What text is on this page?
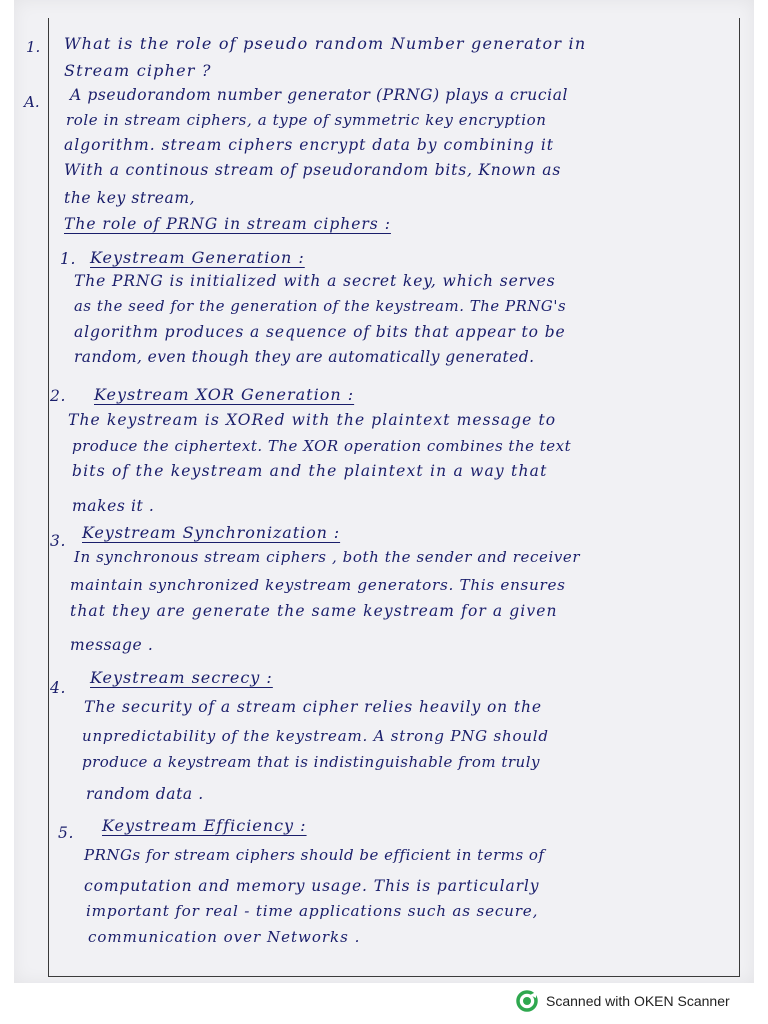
1. What is the role of pseudo random Number generator in
Stream cipher ?
A. A pseudorandom number generator (PRNG) plays a crucial
role in stream ciphers, a type of symmetric key encryption
algorithm. stream ciphers encrypt data by combining it
With a continous stream of pseudorandom bits, Known as
the key stream,
The role of PRNG in stream ciphers :
1. Keystream Generation :
The PRNG is initialized with a secret key, which serves
as the seed for the generation of the keystream. The PRNG's
algorithm produces a sequence of bits that appear to be
random, even though they are automatically generated.
2. Keystream XOR Generation :
The keystream is XORed with the plaintext message to
produce the ciphertext. The XOR operation combines the text
bits of the keystream and the plaintext in a way that
makes it .
3. Keystream Synchronization :
In synchronous stream ciphers , both the sender and receiver
maintain synchronized keystream generators. This ensures
that they are generate the same keystream for a given
message .
4.
Keystream secrecy :
The security of a stream cipher relies heavily on the
unpredictability of the keystream. A strong PNG should
produce a keystream that is indistinguishable from truly
random data .
5. Keystream Efficiency :
PRNGs for stream ciphers should be efficient in terms of
computation and memory usage. This is particularly
important for real - time applications such as secure,
communication over Networks .
Scanned with OKEN Scanner
